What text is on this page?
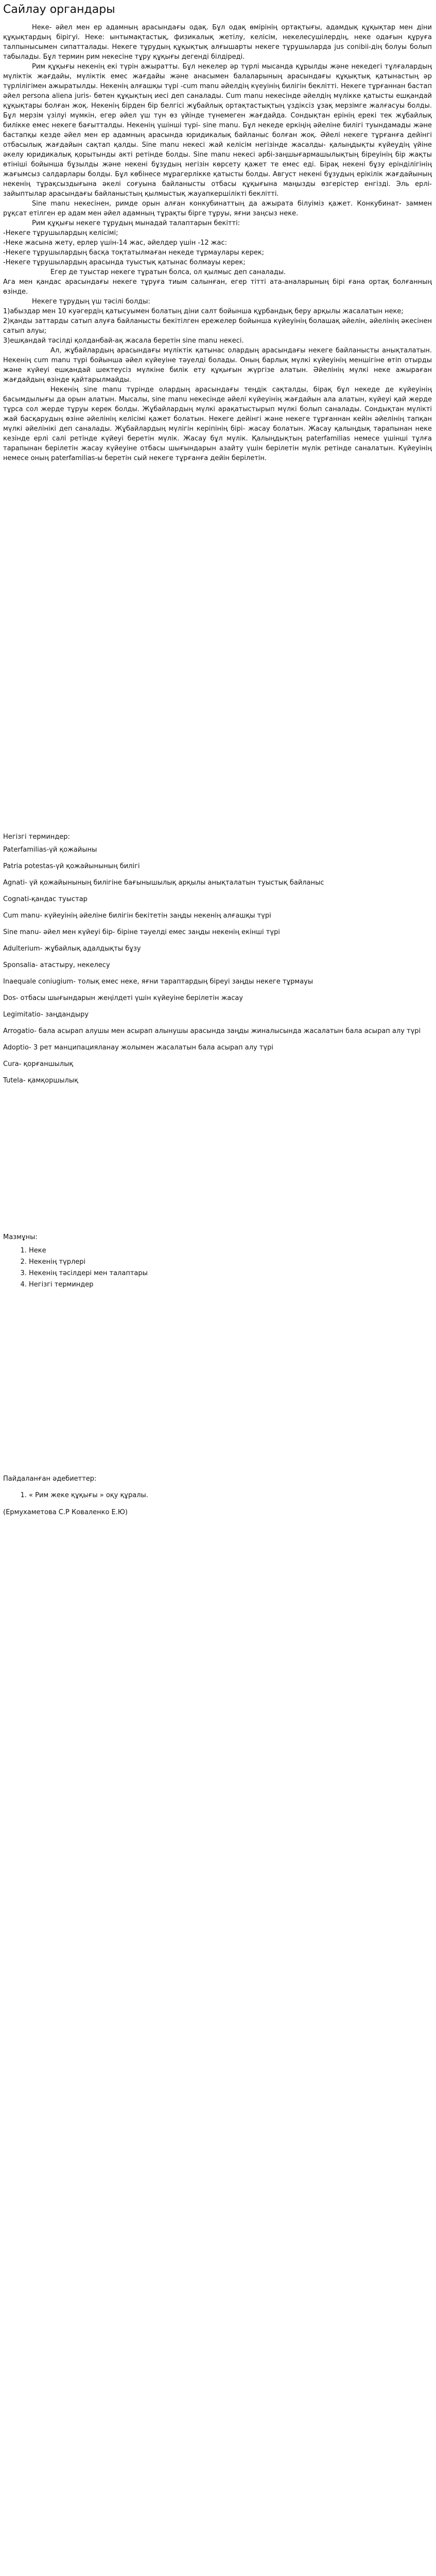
Сайлау органдары

Неке- әйел мен ер адамның арасындағы одақ. Бұл одақ өмірінің ортақтығы, адамдық құқықтар мен діни құқықтардың бірігуі. Неке: ынтымақтастық, физикалық жетілу, келісім, некелесушілердің, неке одағын құруға талпынысымен сипатталады. Некеге тұрудың құқықтық алғышарты некеге тұрушыларда jus conibii-дің болуы болып табылады. Бұл термин рим некесіне тұру құқығы дегенді білдіреді.

Рим құқығы некенің екі түрін ажыратты. Бұл некелер әр түрлі мысанда құрылды және некедегі тұлғалардың мүліктік жағдайы, мүліктік емес жағдайы және анасымен балаларының арасындағы құқықтық қатынастың әр түрлілігімен ажыратылды. Некенің алғашқы түрі -cum manu әйелдің күеуінің билігін беклітті. Некеге тұрғаннан бастап әйел persona aliena juris- бөтен құқықтың иесі деп саналады. Cum manu некесінде әйелдің мүлікке қатысты ешқандай құқықтары болған жоқ. Некенің бірден бір белгісі жұбайлық ортақтастықтың үздіксіз ұзақ мерзімге жалғасуы болды. Бұл мерзім үзілуі мүмкін, егер әйел үш түн өз үйінде түнемеген жағдайда. Сондықтан ерінің ерекі тек жұбайлық билікке емес некеге бағытталды. Некенің үшінші түрі- sine manu. Бұл некеде еркіңің әйеліне билігі туындамады және бастапқы кезде әйел мен ер адамның арасында юридикалық байланыс болған жоқ. Әйелі некеге тұрғанға дейінгі отбасылық жағдайын сақтап қалды. Sine manu некесі жай келісім негізінде жасалды- қалыңдықты күйеудің үйіне әкелу юридикалық қорытынды акті ретінде болды. Sine manu некесі әрбі-заңшығармашылықтың біреуінің бір жақты өтініші бойынша бұзылды және некені бұзудың негізін көрсету қажет те емес еді. Бірақ некені бұзу ерінділігінің жағымсыз салдарлары болды. Бұл көбінесе мұрагерлікке қатысты болды. Август некені бұзудың ерікілік жағдайының некенің тұрақсыздығына әкелі соғуына байланысты отбасы құқығына маңызды өзгерістер енгізді. Эль ерлі-зайыптылар арасындағы байланыстың қылмыстық жауапкершілікті беклітті.

Sine manu некесінен, римде орын алған конкубинаттың да ажырата білуіміз қажет. Конкубинат- заммен рұқсат етілген ер адам мен әйел адамның тұрақты бірге тұруы, яғни заңсыз неке.

Рим құқығы некеге тұрудың мынадай талаптарын бекітті:

-Некеге тұрушылардың келісімі;

-Неке жасына жету, ерлер үшін-14 жас, әйелдер үшін -12 жас:

-Некеге тұрушылардың басқа тоқтатылмаған некеде тұрмаулары керек;

-Некеге тұрушылардың арасында туыстық қатынас болмауы керек;

Егер де туыстар некеге тұратын болса, ол қылмыс деп саналады.

Ага мен қандас арасындағы некеге тұруға тиым салынған, егер тітті ата-аналарының бірі ғана ортақ болғанның өзінде.

Некеге тұрудың үш тәсілі болды:

1)абыздар мен 10 куәгердің қатысуымен болатың діни салт бойынша құрбандық беру арқылы жасалатын неке;

2)қанды заттарды сатып алуға байланысты бекітілген ережелер бойынша күйеуінің болашақ әйелін, әйелінің әкесінен сатып алуы;

3)ешқандай тәсілді қолданбай-ақ жасала беретін sine manu некесі.

Ал, жұбайлардың арасындағы мүліктік қатынас олардың арасындағы некеге байланысты анықталатын. Некенің cum manu түрі бойынша әйел күйеуіне тәуелді болады. Оның барлық мүлкі күйеуінің меншігіне өтіп отырды және күйеуі ешқандай шектеусіз мүлкіне билік ету құқығын жүргізе алатын. Әйелінің мүлкі неке ажыраған жағдайдың өзінде қайтарылмайды.

Некенің sine manu түрінде олардың арасындағы теңдік сақталды, бірақ бұл некеде де күйеуінің басымдылығы да орын алатын. Мысалы, sine manu некесінде әйелі күйеуінің жағдайын ала алатын, күйеуі қай жерде тұрса сол жерде тұруы керек болды. Жұбайлардың мүлкі арақатыстырып мүлкі болып саналады. Сондықтан мүлікті жай басқарудың өзіне әйелінің келісімі қажет болатын. Некеге дейінгі және некеге тұрғаннан кейін әйелінің тапқан мүлкі әйелінікі деп саналады. Жұбайлардың мүлігін керіпінің бірі- жасау болатын. Жасау қалыңдық тарапынан неке кезінде ерлі салі ретінде күйеуі беретін мүлік. Жасау бұл мүлік. Қалыңдықтың paterfamilias немесе үшінші тұлға тарапынан берілетін жасау күйеуіне отбасы шығындарын азайту үшін берілетін мүлік ретінде саналатын. Күйеуінің немесе оның paterfamilias-ы беретін сый некеге тұрғанға дейін берілетін.

Негізгі терминдер:

Paterfamilias-үй қожайыны

Patria potestas-үй қожайынының билігі

Agnati- үй қожайынының билігіне бағынышылық арқылы анықталатын туыстық байланыс

Cognati-қандас туыстар

Cum manu- күйеуінің әйеліне билігін бекітетін заңды некенің алғашқы түрі

Sine manu- әйел мен күйеуі бір- біріне тәуелді емес заңды некенің екінші түрі

Adulterium- жұбайлық адалдықты бұзу

Sponsalia- атастыру, некелесу

Inaequale coniugium- толық емес неке, яғни тараптардың біреуі заңды некеге тұрмауы

Dos- отбасы шығындарын жеңілдеті үшін күйеуіне берілетін жасау

Legimitatio- заңдандыру

Arrogatio- бала асырап алушы мен асырап алынушы арасында заңды жиналысында жасалатын бала асырап алу түрі

Adoptio- 3 рет манципацияланау жолымен жасалатын бала асырап алу түрі

Cura- қорғаншылық

Tutela- қамқоршылық

Мазмұны:

1. Неке
2. Некенің түрлері
3. Некенің тәсілдері мен талаптары
4. Негізгі терминдер

Пайдаланған әдебиеттер:

1. « Рим жеке құқығы » оқу құралы.

(Ермухаметова С.Р Коваленко Е.Ю)
